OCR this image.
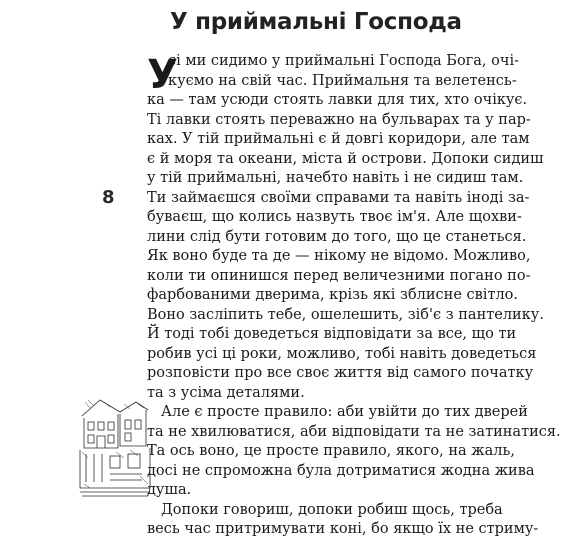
У приймальні Господа
8
У
сі ми сидимо у приймальні Господа Бога, очі-
куємо на свій час. Приймальня та велетенсь-
ка — там усюди стоять лавки для тих, хто очікує.
Ті лавки стоять переважно на бульварах та у пар-
ках. У тій приймальні є й довгі коридори, але там
є й моря та океани, міста й острови. Допоки сидиш
у тій приймальні, начебто навіть і не сидиш там.
Ти займаєшся своїми справами та навіть іноді за-
буваєш, що колись назвуть твоє ім'я. Але щохви-
лини слід бути готовим до того, що це станеться.
Як воно буде та де — нікому не відомо. Можливо,
коли ти опинишся перед величезними погано по-
фарбованими дверима, крізь які зблисне світло.
Воно засліпить тебе, ошелешить, зіб'є з пантелику.
Й тоді тобі доведеться відповідати за все, що ти
робив усі ці роки, можливо, тобі навіть доведеться
розповісти про все своє життя від самого початку
та з усіма деталями.
Але є просте правило: аби увійти до тих дверей
та не хвилюватися, аби відповідати та не затинатися.
Та ось воно, це просте правило, якого, на жаль,
досі не спроможна була дотриматися жодна жива
душа.
Допоки говориш, допоки робиш щось, треба
весь час притримувати коні, бо якщо їх не стриму-
